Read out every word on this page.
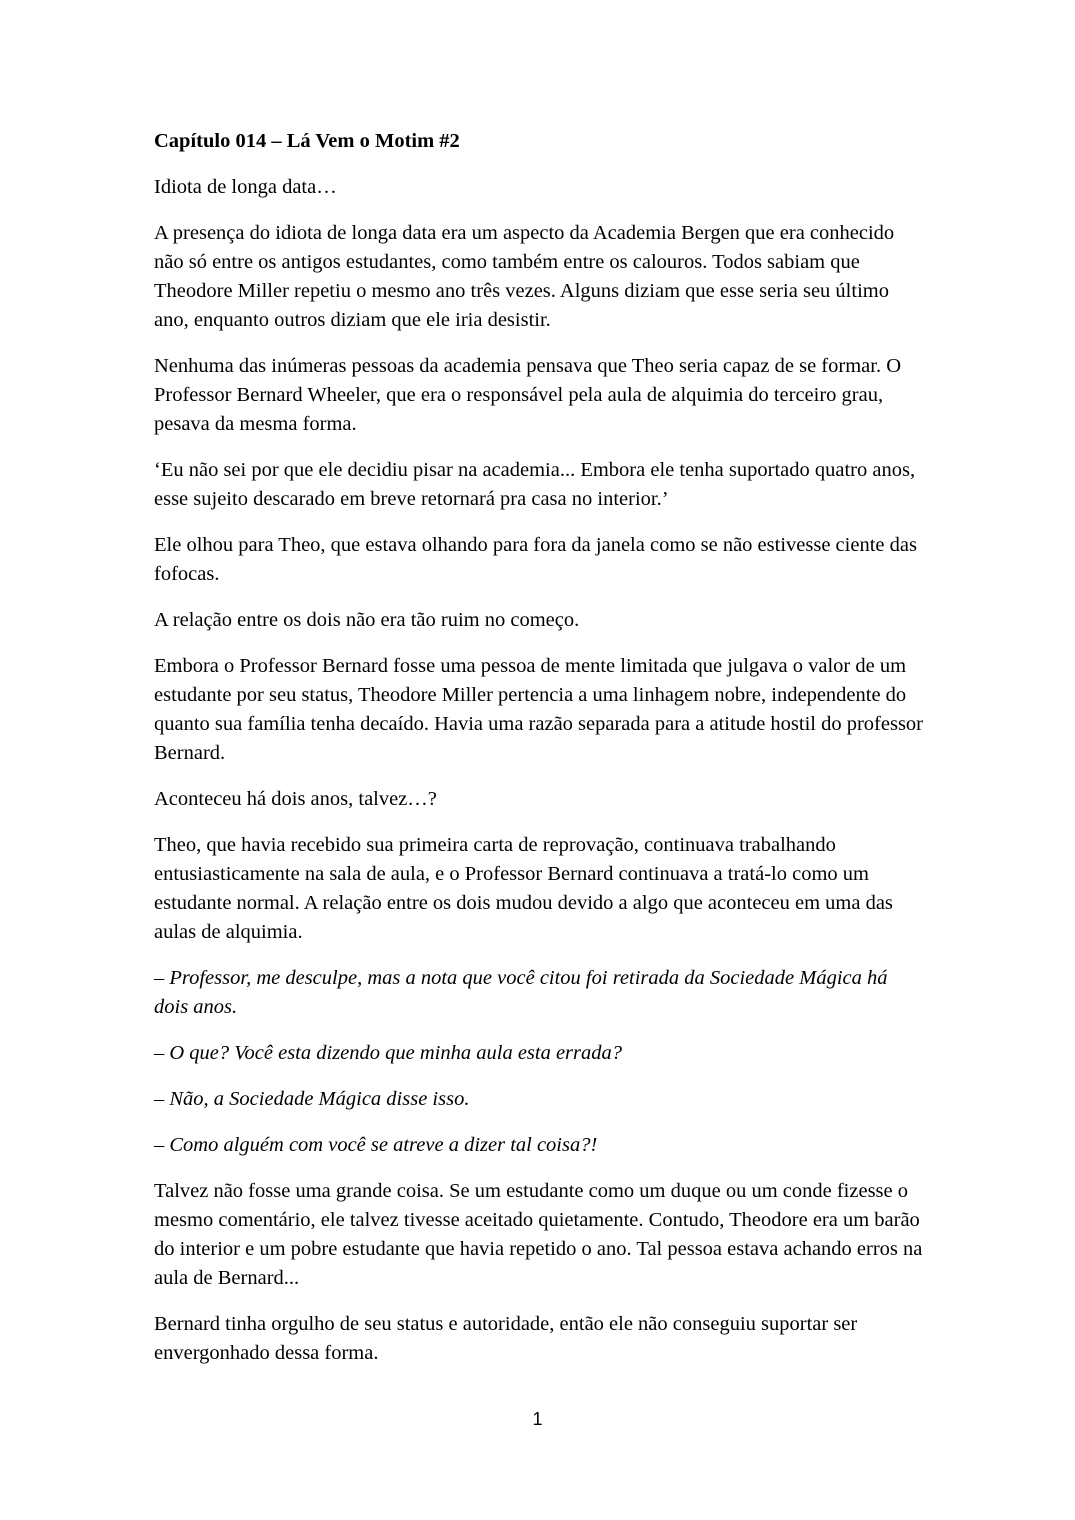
Capítulo 014 – Lá Vem o Motim #2

Idiota de longa data…

A presença do idiota de longa data era um aspecto da Academia Bergen que era conhecido não só entre os antigos estudantes, como também entre os calouros. Todos sabiam que Theodore Miller repetiu o mesmo ano três vezes. Alguns diziam que esse seria seu último ano, enquanto outros diziam que ele iria desistir.

Nenhuma das inúmeras pessoas da academia pensava que Theo seria capaz de se formar. O Professor Bernard Wheeler, que era o responsável pela aula de alquimia do terceiro grau, pesava da mesma forma.

‘Eu não sei por que ele decidiu pisar na academia... Embora ele tenha suportado quatro anos, esse sujeito descarado em breve retornará pra casa no interior.’

Ele olhou para Theo, que estava olhando para fora da janela como se não estivesse ciente das fofocas.

A relação entre os dois não era tão ruim no começo.

Embora o Professor Bernard fosse uma pessoa de mente limitada que julgava o valor de um estudante por seu status, Theodore Miller pertencia a uma linhagem nobre, independente do quanto sua família tenha decaído. Havia uma razão separada para a atitude hostil do professor Bernard.

Aconteceu há dois anos, talvez…?

Theo, que havia recebido sua primeira carta de reprovação, continuava trabalhando entusiasticamente na sala de aula, e o Professor Bernard continuava a tratá-lo como um estudante normal. A relação entre os dois mudou devido a algo que aconteceu em uma das aulas de alquimia.

– Professor, me desculpe, mas a nota que você citou foi retirada da Sociedade Mágica há dois anos.

– O que? Você esta dizendo que minha aula esta errada?

– Não, a Sociedade Mágica disse isso.

– Como alguém com você se atreve a dizer tal coisa?!

Talvez não fosse uma grande coisa. Se um estudante como um duque ou um conde fizesse o mesmo comentário, ele talvez tivesse aceitado quietamente. Contudo, Theodore era um barão do interior e um pobre estudante que havia repetido o ano. Tal pessoa estava achando erros na aula de Bernard...

Bernard tinha orgulho de seu status e autoridade, então ele não conseguiu suportar ser envergonhado dessa forma.

1
